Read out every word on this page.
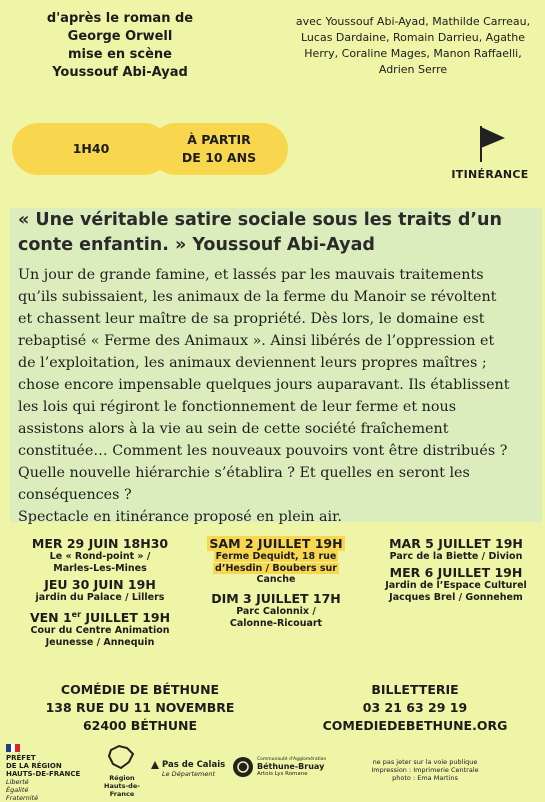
d'après le roman de
George Orwell
mise en scène
Youssouf Abi-Ayad
avec Youssouf Abi-Ayad, Mathilde Carreau,
Lucas Dardaine, Romain Darrieu, Agathe
Herry, Coraline Mages, Manon Raffaelli,
Adrien Serre
1H40
À PARTIR
DE 10 ANS
ITINÉRANCE
« Une véritable satire sociale sous les traits d’un
conte enfantin. » Youssouf Abi-Ayad
Un jour de grande famine, et lassés par les mauvais traitements
qu’ils subissaient, les animaux de la ferme du Manoir se révoltent
et chassent leur maître de sa propriété. Dès lors, le domaine est
rebaptisé « Ferme des Animaux ». Ainsi libérés de l’oppression et
de l’exploitation, les animaux deviennent leurs propres maîtres ;
chose encore impensable quelques jours auparavant. Ils établissent
les lois qui régiront le fonctionnement de leur ferme et nous
assistons alors à la vie au sein de cette société fraîchement
constituée… Comment les nouveaux pouvoirs vont être distribués ?
Quelle nouvelle hiérarchie s’établira ? Et quelles en seront les
conséquences ?
Spectacle en itinérance proposé en plein air.
MER 29 JUIN 18H30
Le « Rond-point » /
Marles-Les-Mines
JEU 30 JUIN 19H
jardin du Palace / Lillers
VEN 1er JUILLET 19H
Cour du Centre Animation
Jeunesse / Annequin
SAM 2 JUILLET 19H
Ferme Dequidt, 18 rue
d’Hesdin / Boubers sur
Canche
DIM 3 JUILLET 17H
Parc Calonnix /
Calonne-Ricouart
MAR 5 JUILLET 19H
Parc de la Biette / Divion
MER 6 JUILLET 19H
Jardin de l’Espace Culturel
Jacques Brel / Gonnehem
COMÉDIE DE BÉTHUNE
138 RUE DU 11 NOVEMBRE
62400 BÉTHUNE
BILLETTERIE
03 21 63 29 19
COMEDIEDEBETHUNE.ORG
PRÉFET
DE LA RÉGION
HAUTS-DE-FRANCE
Liberté Égalité Fraternité
Région
Hauts-de-France
Pas de Calais
Le Département
Communauté d'Agglomération
Béthune-Bruay
Artois Lys Romane
ne pas jeter sur la voie publique
Impression : Imprimerie Centrale
photo : Ema Martins
